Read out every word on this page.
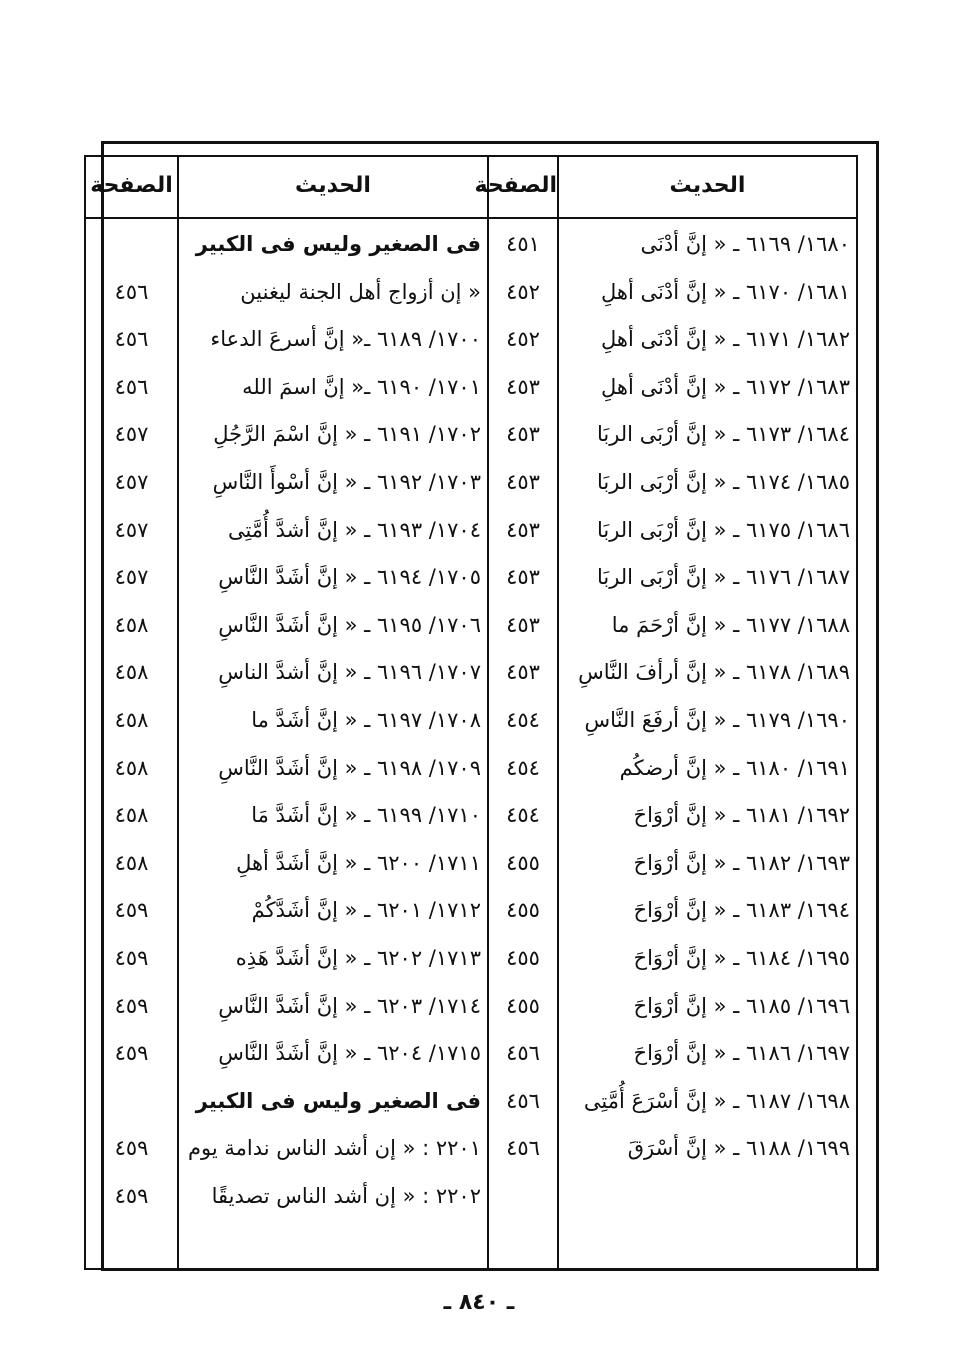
الحديث
الصفحة
الحديث
الصفحة
١٦٨٠/ ٦١٦٩ ـ « إنَّ أدْنَى
١٦٨١/ ٦١٧٠ ـ « إنَّ أدْنَى أهلِ
١٦٨٢/ ٦١٧١ ـ « إنَّ أدْنَى أهلِ
١٦٨٣/ ٦١٧٢ ـ « إنَّ أدْنَى أهلِ
١٦٨٤/ ٦١٧٣ ـ « إنَّ أرْبَى الربَا
١٦٨٥/ ٦١٧٤ ـ « إنَّ أرْبَى الربَا
١٦٨٦/ ٦١٧٥ ـ « إنَّ أرْبَى الربَا
١٦٨٧/ ٦١٧٦ ـ « إنَّ أرْبَى الربَا
١٦٨٨/ ٦١٧٧ ـ « إنَّ أرْحَمَ ما
١٦٨٩/ ٦١٧٨ ـ « إنَّ أرأفَ النَّاسِ
١٦٩٠/ ٦١٧٩ ـ « إنَّ أرفَعَ النَّاسِ
١٦٩١/ ٦١٨٠ ـ « إنَّ أرضكُم
١٦٩٢/ ٦١٨١ ـ « إنَّ أرْوَاحَ
١٦٩٣/ ٦١٨٢ ـ « إنَّ أرْوَاحَ
١٦٩٤/ ٦١٨٣ ـ « إنَّ أرْوَاحَ
١٦٩٥/ ٦١٨٤ ـ « إنَّ أرْوَاحَ
١٦٩٦/ ٦١٨٥ ـ « إنَّ أرْوَاحَ
١٦٩٧/ ٦١٨٦ ـ « إنَّ أرْوَاحَ
١٦٩٨/ ٦١٨٧ ـ « إنَّ أسْرَعَ أُمَّتِى
١٦٩٩/ ٦١٨٨ ـ « إنَّ أسْرَقَ
٤٥١
٤٥٢
٤٥٢
٤٥٣
٤٥٣
٤٥٣
٤٥٣
٤٥٣
٤٥٣
٤٥٣
٤٥٤
٤٥٤
٤٥٤
٤٥٥
٤٥٥
٤٥٥
٤٥٥
٤٥٦
٤٥٦
٤٥٦
فى الصغير وليس فى الكبير
« إن أزواج أهل الجنة ليغنين
١٧٠٠/ ٦١٨٩ ـ« إنَّ أسرعَ الدعاء
١٧٠١/ ٦١٩٠ ـ« إنَّ اسمَ الله
١٧٠٢/ ٦١٩١ ـ « إنَّ اسْمَ الرَّجُلِ
١٧٠٣/ ٦١٩٢ ـ « إنَّ أسْوأَ النَّاسِ
١٧٠٤/ ٦١٩٣ ـ « إنَّ أشدَّ أُمَّتِى
١٧٠٥/ ٦١٩٤ ـ « إنَّ أشَدَّ النَّاسِ
١٧٠٦/ ٦١٩٥ ـ « إنَّ أشَدَّ النَّاسِ
١٧٠٧/ ٦١٩٦ ـ « إنَّ أشدَّ الناسِ
١٧٠٨/ ٦١٩٧ ـ « إنَّ أشَدَّ ما
١٧٠٩/ ٦١٩٨ ـ « إنَّ أشَدَّ النَّاسِ
١٧١٠/ ٦١٩٩ ـ « إنَّ أشَدَّ مَا
١٧١١/ ٦٢٠٠ ـ « إنَّ أشَدَّ أهلِ
١٧١٢/ ٦٢٠١ ـ « إنَّ أشَدَّكُمْ
١٧١٣/ ٦٢٠٢ ـ « إنَّ أشَدَّ هَذِه
١٧١٤/ ٦٢٠٣ ـ « إنَّ أشَدَّ النَّاسِ
١٧١٥/ ٦٢٠٤ ـ « إنَّ أشَدَّ النَّاسِ
فى الصغير وليس فى الكبير
٢٢٠١ : « إن أشد الناس ندامة يوم
٢٢٠٢ : « إن أشد الناس تصديقًا
٤٥٦
٤٥٦
٤٥٦
٤٥٧
٤٥٧
٤٥٧
٤٥٧
٤٥٨
٤٥٨
٤٥٨
٤٥٨
٤٥٨
٤٥٨
٤٥٩
٤٥٩
٤٥٩
٤٥٩
٤٥٩
٤٥٩
ـ ٨٤٠ ـ
